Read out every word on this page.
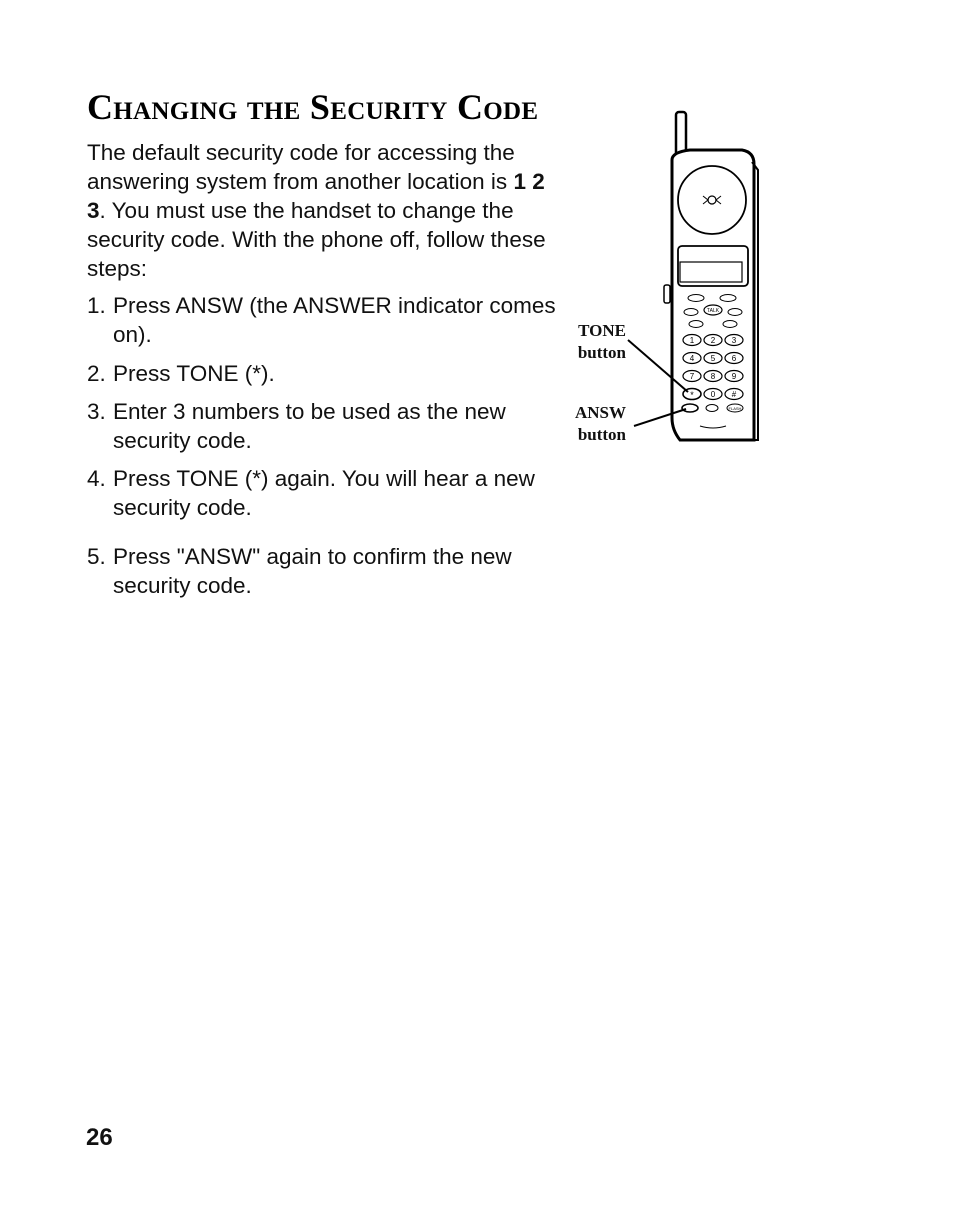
Changing the Security Code

The default security code for accessing the answering system from another location is 1 2 3. You must use the handset to change the security code. With the phone off, follow these steps:

1. Press ANSW (the ANSWER indicator comes on).
2. Press TONE (*).
3. Enter 3 numbers to be used as the new security code.
4. Press TONE (*) again. You will hear a new security code.
5. Press "ANSW" again to confirm the new security code.
TONE
button
ANSW
button
TALK
1 2 3
4 5 6
7 8 9
* 0 #
FLASH
26
